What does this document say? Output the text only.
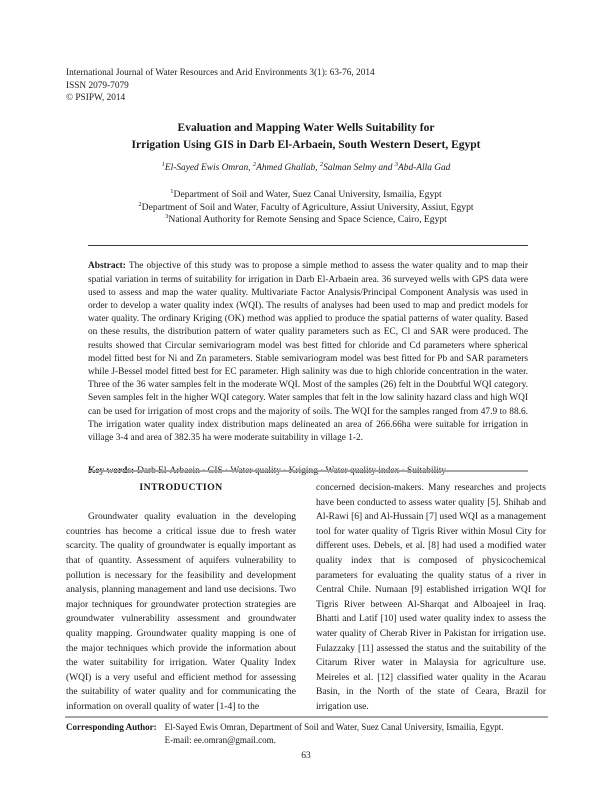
International Journal of Water Resources and Arid Environments 3(1): 63-76, 2014
ISSN 2079-7079
© PSIPW, 2014
Evaluation and Mapping Water Wells Suitability for
Irrigation Using GIS in Darb El-Arbaein, South Western Desert, Egypt
$^1$El-Sayed Ewis Omran, $^2$Ahmed Ghallab, $^2$Salman Selmy and $^3$Abd-Alla Gad
$^1$Department of Soil and Water, Suez Canal University, Ismailia, Egypt
$^2$Department of Soil and Water, Faculty of Agriculture, Assiut University, Assiut, Egypt
$^3$National Authority for Remote Sensing and Space Science, Cairo, Egypt

Abstract: The objective of this study was to propose a simple method to assess the water quality and to map their spatial variation in terms of suitability for irrigation in Darb El-Arbaein area. 36 surveyed wells with GPS data were used to assess and map the water quality. Multivariate Factor Analysis/Principal Component Analysis was used in order to develop a water quality index (WQI). The results of analyses had been used to map and predict models for water quality. The ordinary Kriging (OK) method was applied to produce the spatial patterns of water quality. Based on these results, the distribution pattern of water quality parameters such as EC, Cl and SAR were produced. The results showed that Circular semivariogram model was best fitted for chloride and Cd parameters where spherical model fitted best for Ni and Zn parameters. Stable semivariogram model was best fitted for Pb and SAR parameters while J-Bessel model fitted best for EC parameter. High salinity was due to high chloride concentration in the water. Three of the 36 water samples felt in the moderate WQI. Most of the samples (26) felt in the Doubtful WQI category. Seven samples felt in the higher WQI category. Water samples that felt in the low salinity hazard class and high WQI can be used for irrigation of most crops and the majority of soils. The WQI for the samples ranged from 47.9 to 88.6. The irrigation water quality index distribution maps delineated an area of 266.66ha were suitable for irrigation in village 3-4 and area of 382.35 ha were moderate suitability in village 1-2.

Key words: Darb El-Arbaein · GIS · Water quality · Kriging · Water quality index · Suitability

INTRODUCTION

Groundwater quality evaluation in the developing countries has become a critical issue due to fresh water scarcity. The quality of groundwater is equally important as that of quantity. Assessment of aquifers vulnerability to pollution is necessary for the feasibility and development analysis, planning management and land use decisions. Two major techniques for groundwater protection strategies are groundwater vulnerability assessment and groundwater quality mapping. Groundwater quality mapping is one of the major techniques which provide the information about the water suitability for irrigation. Water Quality Index (WQI) is a very useful and efficient method for assessing the suitability of water quality and for communicating the information on overall quality of water [1-4] to the

concerned decision-makers. Many researches and projects have been conducted to assess water quality [5]. Shihab and Al-Rawi [6] and Al-Hussain [7] used WQI as a management tool for water quality of Tigris River within Mosul City for different uses. Debels, et al. [8] had used a modified water quality index that is composed of physicochemical parameters for evaluating the quality status of a river in Central Chile. Numaan [9] established irrigation WQI for Tigris River between Al-Sharqat and Alboajeel in Iraq. Bhatti and Latif [10] used water quality index to assess the water quality of Cherab River in Pakistan for irrigation use. Fulazzaky [11] assessed the status and the suitability of the Citarum River water in Malaysia for agriculture use. Meireles et al. [12] classified water quality in the Acarau Basin, in the North of the state of Ceara, Brazil for irrigation use.

Corresponding Author: El-Sayed Ewis Omran, Department of Soil and Water, Suez Canal University, Ismailia, Egypt.
E-mail: ee.omran@gmail.com.
63
